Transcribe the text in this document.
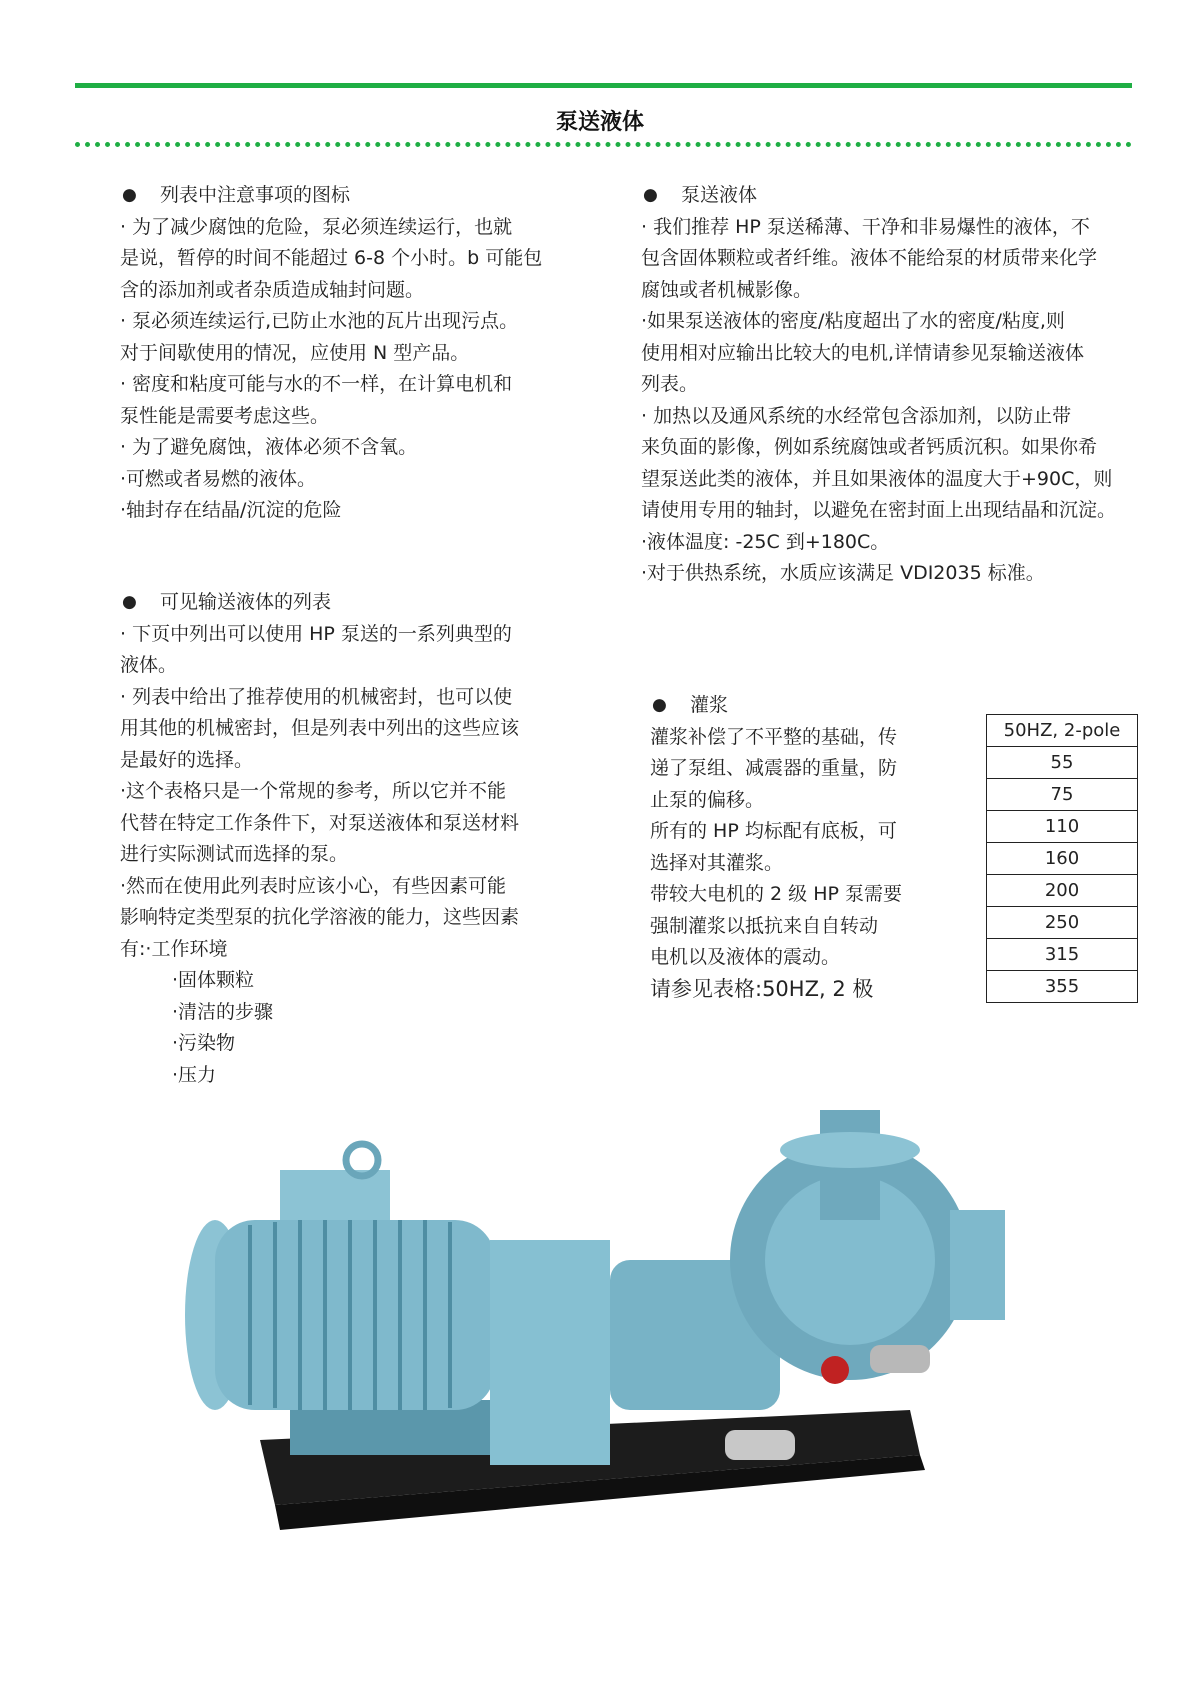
泵送液体

● 列表中注意事项的图标

· 为了减少腐蚀的危险，泵必须连续运行，也就

是说，暂停的时间不能超过 6-8 个小时。b 可能包

含的添加剂或者杂质造成轴封问题。

· 泵必须连续运行,已防止水池的瓦片出现污点。

对于间歇使用的情况，应使用 N 型产品。

· 密度和粘度可能与水的不一样，在计算电机和

泵性能是需要考虑这些。

· 为了避免腐蚀，液体必须不含氧。

·可燃或者易燃的液体。

·轴封存在结晶/沉淀的危险

● 可见输送液体的列表

· 下页中列出可以使用 HP 泵送的一系列典型的

液体。

· 列表中给出了推荐使用的机械密封，也可以使

用其他的机械密封，但是列表中列出的这些应该

是最好的选择。

·这个表格只是一个常规的参考，所以它并不能

代替在特定工作条件下，对泵送液体和泵送材料

进行实际测试而选择的泵。

·然而在使用此列表时应该小心，有些因素可能

影响特定类型泵的抗化学溶液的能力，这些因素

有:·工作环境

·固体颗粒

·清洁的步骤

·污染物

·压力

● 泵送液体

· 我们推荐 HP 泵送稀薄、干净和非易爆性的液体，不

包含固体颗粒或者纤维。液体不能给泵的材质带来化学

腐蚀或者机械影像。

·如果泵送液体的密度/粘度超出了水的密度/粘度,则

使用相对应输出比较大的电机,详情请参见泵输送液体

列表。

· 加热以及通风系统的水经常包含添加剂，以防止带

来负面的影像，例如系统腐蚀或者钙质沉积。如果你希

望泵送此类的液体，并且如果液体的温度大于+90C，则

请使用专用的轴封，以避免在密封面上出现结晶和沉淀。

·液体温度: -25C 到+180C。

·对于供热系统，水质应该满足 VDI2035 标准。

● 灌浆

灌浆补偿了不平整的基础，传

递了泵组、减震器的重量，防

止泵的偏移。

所有的 HP 均标配有底板，可

选择对其灌浆。

带较大电机的 2 级 HP 泵需要

强制灌浆以抵抗来自自转动

电机以及液体的震动。

请参见表格:50HZ, 2 极

50HZ, 2-pole
55
75
110
160
200
250
315
355
